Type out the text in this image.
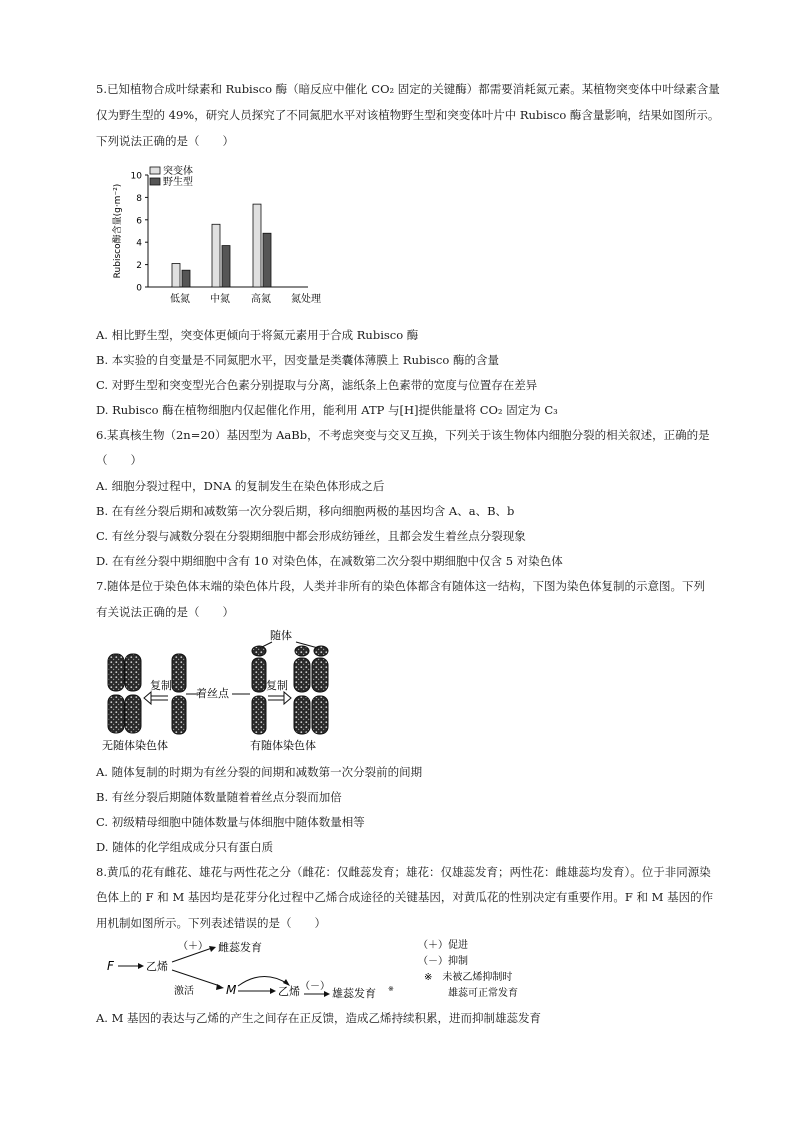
5.已知植物合成叶绿素和 Rubisco 酶（暗反应中催化 CO₂ 固定的关键酶）都需要消耗氮元素。某植物突变体中叶绿素含量
仅为野生型的 49%，研究人员探究了不同氮肥水平对该植物野生型和突变体叶片中 Rubisco 酶含量影响，结果如图所示。
下列说法正确的是（　　）
0
2
4
6
8
10
Rubisco酶含量(g·m⁻²)
低氮 中氮 高氮 氮处理
突变体
野生型
A. 相比野生型，突变体更倾向于将氮元素用于合成 Rubisco 酶
B. 本实验的自变量是不同氮肥水平，因变量是类囊体薄膜上 Rubisco 酶的含量
C. 对野生型和突变型光合色素分别提取与分离，滤纸条上色素带的宽度与位置存在差异
D. Rubisco 酶在植物细胞内仅起催化作用，能利用 ATP 与[H]提供能量将 CO₂ 固定为 C₃
6.某真核生物（2n=20）基因型为 AaBb，不考虑突变与交叉互换，下列关于该生物体内细胞分裂的相关叙述，正确的是
（　　）
A. 细胞分裂过程中，DNA 的复制发生在染色体形成之后
B. 在有丝分裂后期和减数第一次分裂后期，移向细胞两极的基因均含 A、a、B、b
C. 有丝分裂与减数分裂在分裂期细胞中都会形成纺锤丝，且都会发生着丝点分裂现象
D. 在有丝分裂中期细胞中含有 10 对染色体，在减数第二次分裂中期细胞中仅含 5 对染色体
7.随体是位于染色体末端的染色体片段，人类并非所有的染色体都含有随体这一结构，下图为染色体复制的示意图。下列
有关说法正确的是（　　）
复制
着丝点
复制
随体
无随体染色体	有随体染色体
A. 随体复制的时期为有丝分裂的间期和减数第一次分裂前的间期
B. 有丝分裂后期随体数量随着着丝点分裂而加倍
C. 初级精母细胞中随体数量与体细胞中随体数量相等
D. 随体的化学组成成分只有蛋白质
8.黄瓜的花有雌花、雄花与两性花之分（雌花：仅雌蕊发育；雄花：仅雄蕊发育；两性花：雌雄蕊均发育）。位于非同源染
色体上的 F 和 M 基因均是花芽分化过程中乙烯合成途径的关键基因，对黄瓜花的性别决定有重要作用。F 和 M 基因的作
用机制如图所示。下列表述错误的是（　　）
F	乙烯
（＋） 雌蕊发育
激活	M	乙烯 （－）
雄蕊发育 ※
（＋）促进
（－）抑制
※　未被乙烯抑制时
雄蕊可正常发育
A. M 基因的表达与乙烯的产生之间存在正反馈，造成乙烯持续积累，进而抑制雄蕊发育
